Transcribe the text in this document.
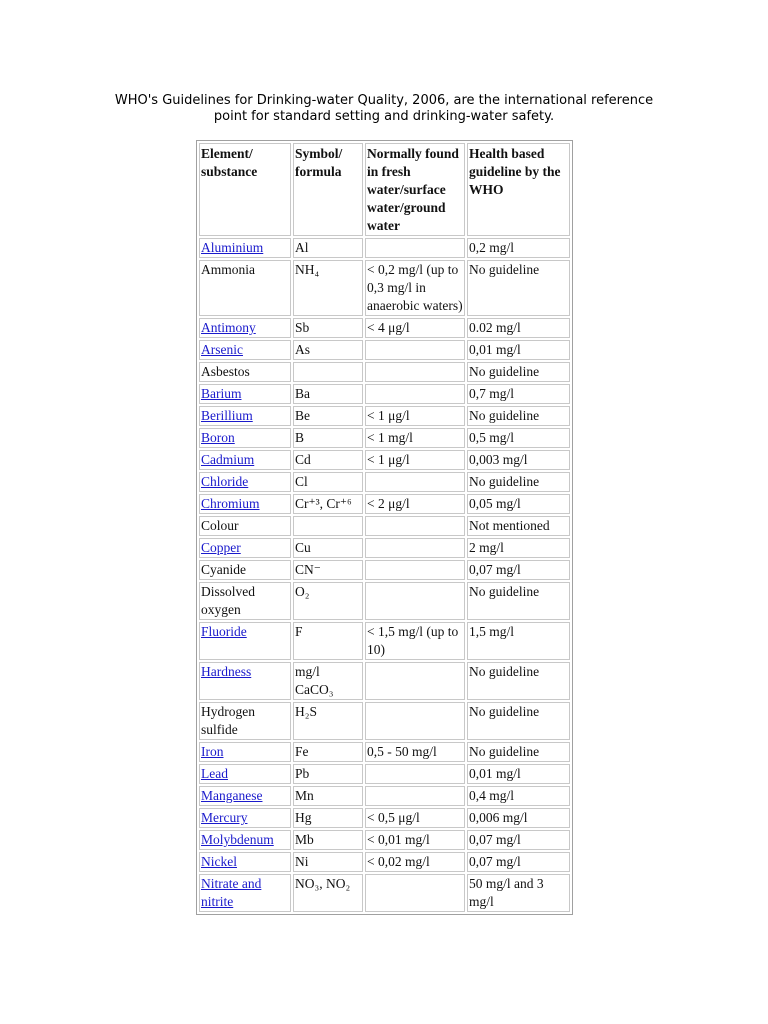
WHO's Guidelines for Drinking-water Quality, 2006, are the international reference point for standard setting and drinking-water safety.
Element/ substance	Symbol/ formula	Normally found in fresh water/surface water/ground water	Health based guideline by the WHO
Aluminium	Al		0,2 mg/l
Ammonia	NH₄	< 0,2 mg/l (up to 0,3 mg/l in anaerobic waters)	No guideline
Antimony	Sb	< 4 μg/l	0.02 mg/l
Arsenic	As		0,01 mg/l
Asbestos			No guideline
Barium	Ba		0,7 mg/l
Berillium	Be	< 1 μg/l	No guideline
Boron	B	< 1 mg/l	0,5 mg/l
Cadmium	Cd	< 1 μg/l	0,003 mg/l
Chloride	Cl		No guideline
Chromium	Cr⁺³, Cr⁺⁶	< 2 μg/l	0,05 mg/l
Colour			Not mentioned
Copper	Cu		2 mg/l
Cyanide	CN⁻		0,07 mg/l
Dissolved oxygen	O₂		No guideline
Fluoride	F	< 1,5 mg/l (up to 10)	1,5 mg/l
Hardness	mg/l CaCO₃		No guideline
Hydrogen sulfide	H₂S		No guideline
Iron	Fe	0,5 - 50 mg/l	No guideline
Lead	Pb		0,01 mg/l
Manganese	Mn		0,4 mg/l
Mercury	Hg	< 0,5 μg/l	0,006 mg/l
Molybdenum	Mb	< 0,01 mg/l	0,07 mg/l
Nickel	Ni	< 0,02 mg/l	0,07 mg/l
Nitrate and nitrite	NO₃, NO₂		50 mg/l and 3 mg/l
